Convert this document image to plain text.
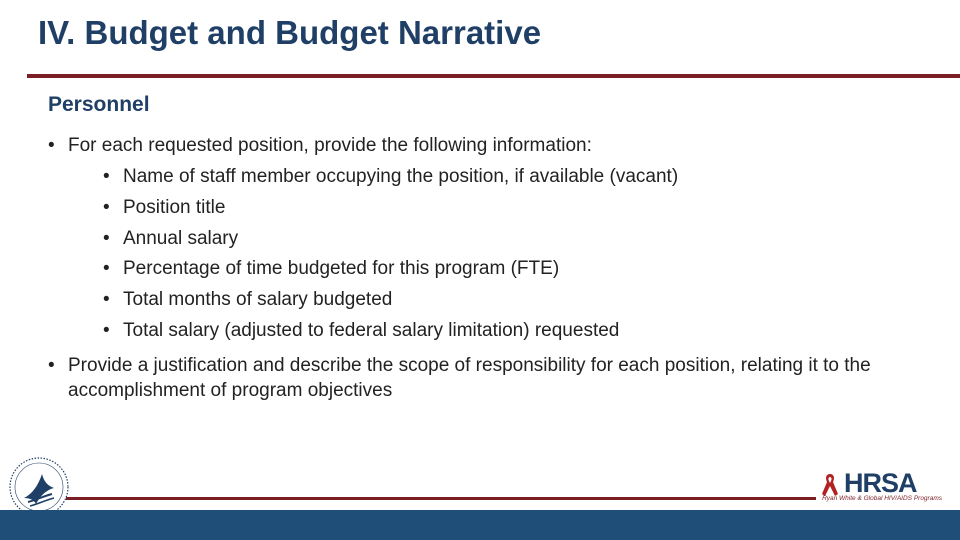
IV. Budget and Budget Narrative
Personnel
• For each requested position, provide the following information:
• Name of staff member occupying the position, if available (vacant)
• Position title
• Annual salary
• Percentage of time budgeted for this program (FTE)
• Total months of salary budgeted
• Total salary (adjusted to federal salary limitation) requested
• Provide a justification and describe the scope of responsibility for each position, relating it to the accomplishment of program objectives
HRSA
Ryan White & Global HIV/AIDS Programs
